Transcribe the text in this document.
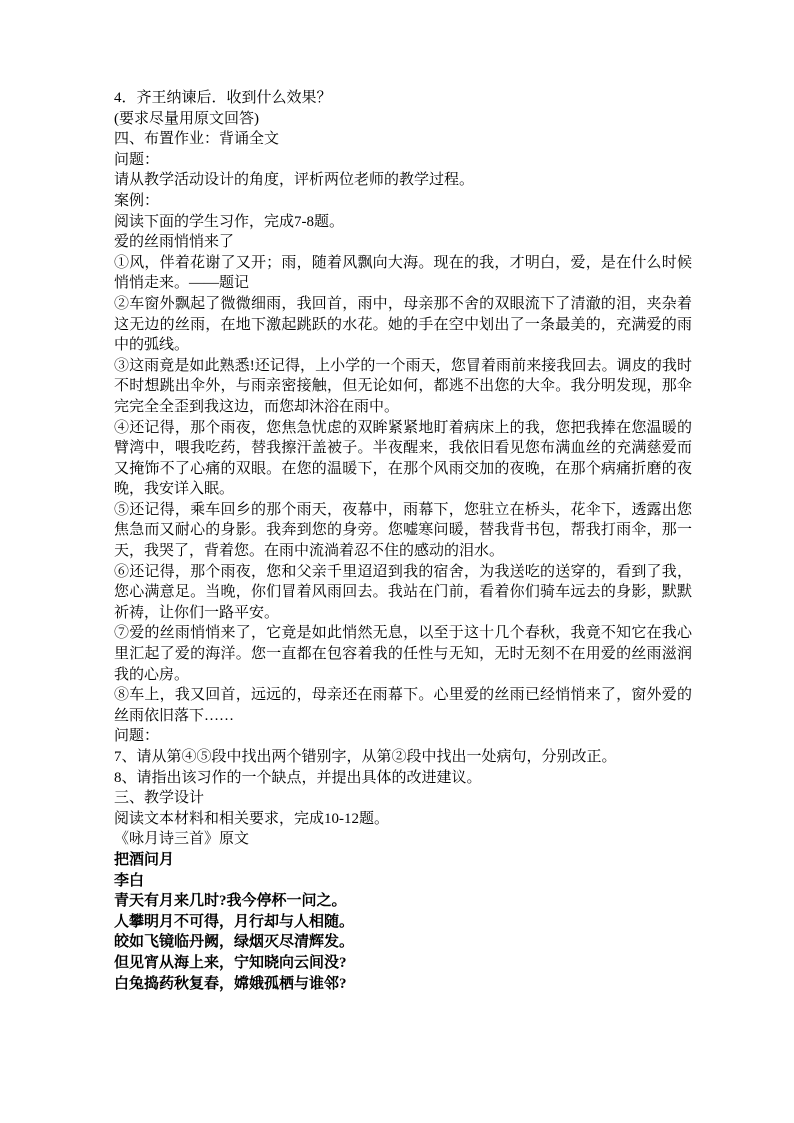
4．齐王纳谏后．收到什么效果？
(要求尽量用原文回答)
四、布置作业：背诵全文
问题：
请从教学活动设计的角度，评析两位老师的教学过程。
案例：
阅读下面的学生习作，完成7-8题。
爱的丝雨悄悄来了
①风，伴着花谢了又开；雨，随着风飘向大海。现在的我，才明白，爱，是在什么时候悄悄走来。——题记
②车窗外飘起了微微细雨，我回首，雨中，母亲那不舍的双眼流下了清澈的泪，夹杂着这无边的丝雨，在地下激起跳跃的水花。她的手在空中划出了一条最美的，充满爱的雨中的弧线。
③这雨竟是如此熟悉!还记得，上小学的一个雨天，您冒着雨前来接我回去。调皮的我时不时想跳出伞外，与雨亲密接触，但无论如何，都逃不出您的大伞。我分明发现，那伞完完全全歪到我这边，而您却沐浴在雨中。
④还记得，那个雨夜，您焦急忧虑的双眸紧紧地盯着病床上的我，您把我捧在您温暖的臂湾中，喂我吃药，替我擦汗盖被子。半夜醒来，我依旧看见您布满血丝的充满慈爱而又掩饰不了心痛的双眼。在您的温暖下，在那个风雨交加的夜晚，在那个病痛折磨的夜晚，我安详入眠。
⑤还记得，乘车回乡的那个雨天，夜幕中，雨幕下，您驻立在桥头，花伞下，透露出您焦急而又耐心的身影。我奔到您的身旁。您嘘寒问暖，替我背书包，帮我打雨伞，那一天，我哭了，背着您。在雨中流淌着忍不住的感动的泪水。
⑥还记得，那个雨夜，您和父亲千里迢迢到我的宿舍，为我送吃的送穿的，看到了我，您心满意足。当晚，你们冒着风雨回去。我站在门前，看着你们骑车远去的身影，默默祈祷，让你们一路平安。
⑦爱的丝雨悄悄来了，它竟是如此悄然无息，以至于这十几个春秋，我竟不知它在我心里汇起了爱的海洋。您一直都在包容着我的任性与无知，无时无刻不在用爱的丝雨滋润我的心房。
⑧车上，我又回首，远远的，母亲还在雨幕下。心里爱的丝雨已经悄悄来了，窗外爱的丝雨依旧落下……
问题：
7、请从第④⑤段中找出两个错别字，从第②段中找出一处病句，分别改正。
8、请指出该习作的一个缺点，并提出具体的改进建议。
三、教学设计
阅读文本材料和相关要求，完成10-12题。
《咏月诗三首》原文
把酒问月
李白
青天有月来几时?我今停杯一问之。
人攀明月不可得，月行却与人相随。
皎如飞镜临丹阙，绿烟灭尽清辉发。
但见宵从海上来，宁知晓向云间没?
白兔捣药秋复春，嫦娥孤栖与谁邻?
